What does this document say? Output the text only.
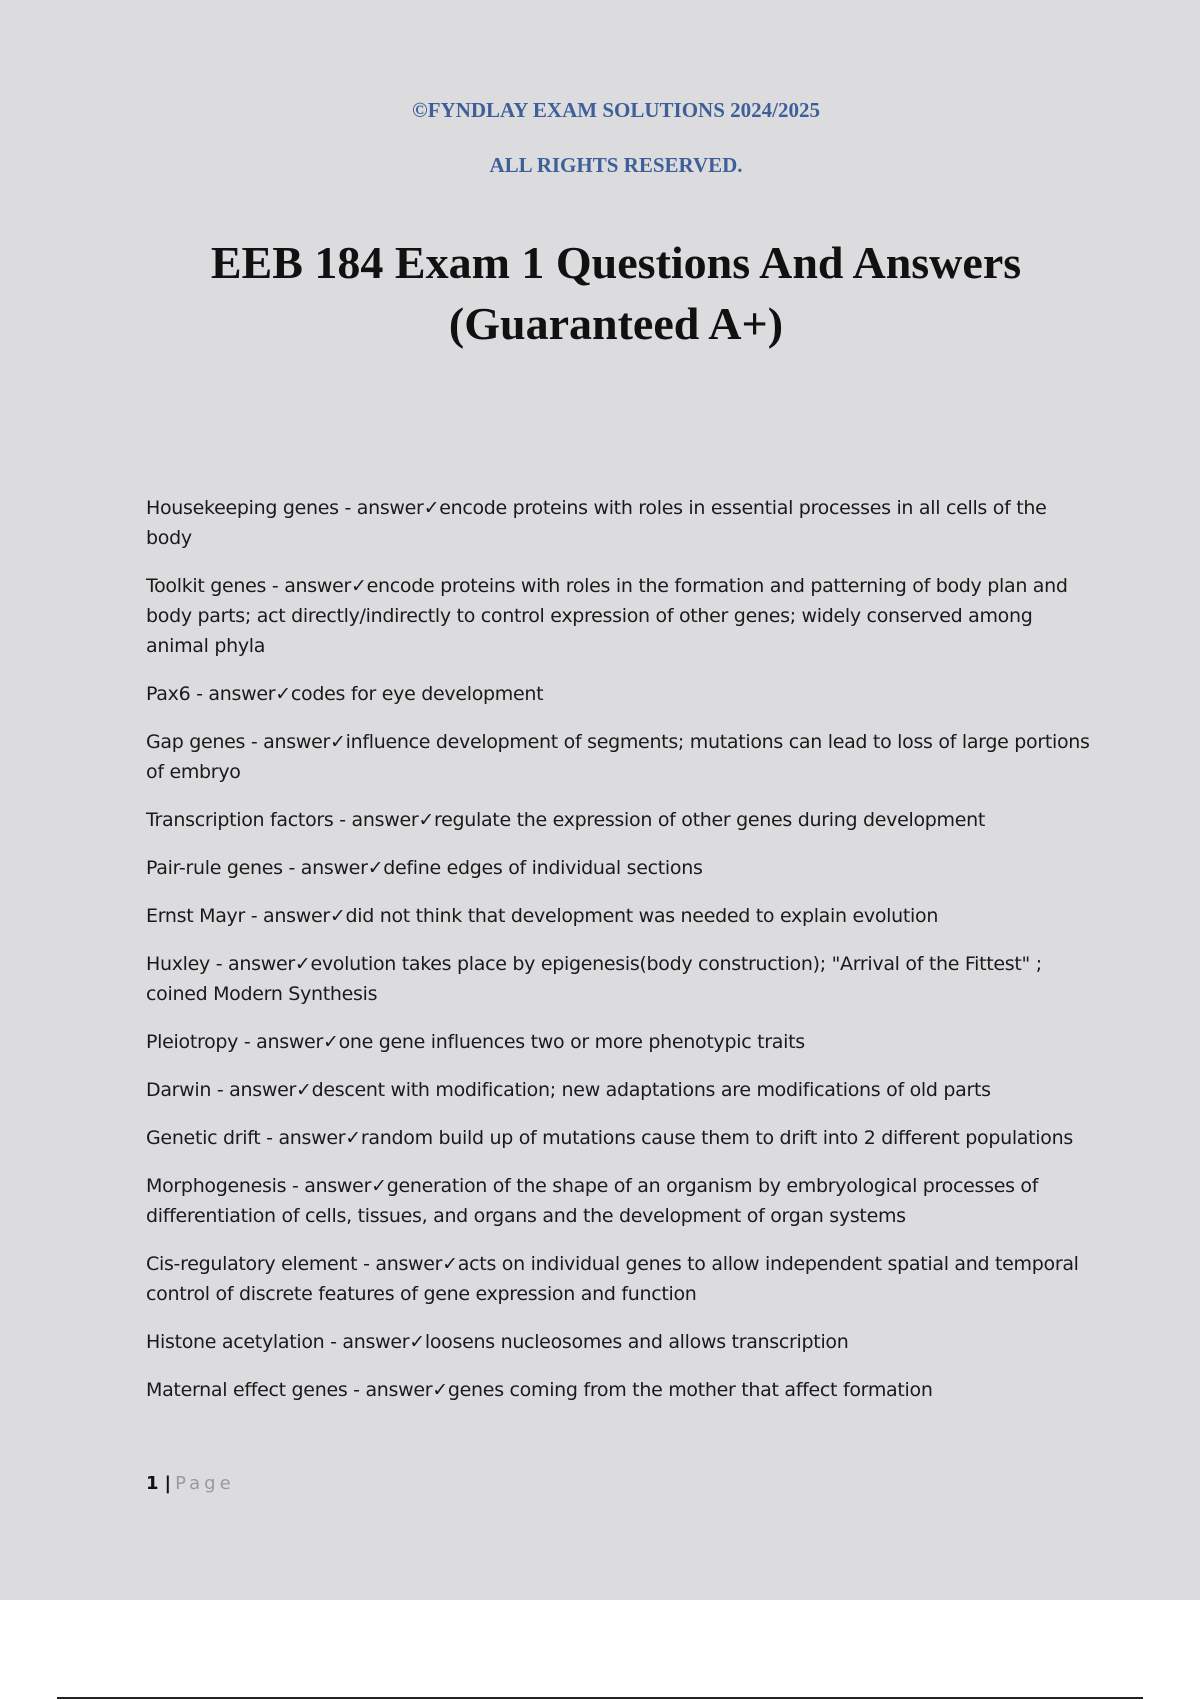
©FYNDLAY EXAM SOLUTIONS 2024/2025
ALL RIGHTS RESERVED.
EEB 184 Exam 1 Questions And Answers
(Guaranteed A+)
Housekeeping genes - answer✓encode proteins with roles in essential processes in all cells of the body
Toolkit genes - answer✓encode proteins with roles in the formation and patterning of body plan and body parts; act directly/indirectly to control expression of other genes; widely conserved among animal phyla
Pax6 - answer✓codes for eye development
Gap genes - answer✓influence development of segments; mutations can lead to loss of large portions of embryo
Transcription factors - answer✓regulate the expression of other genes during development
Pair-rule genes - answer✓define edges of individual sections
Ernst Mayr - answer✓did not think that development was needed to explain evolution
Huxley - answer✓evolution takes place by epigenesis(body construction); "Arrival of the Fittest" ; coined Modern Synthesis
Pleiotropy - answer✓one gene influences two or more phenotypic traits
Darwin - answer✓descent with modification; new adaptations are modifications of old parts
Genetic drift - answer✓random build up of mutations cause them to drift into 2 different populations
Morphogenesis - answer✓generation of the shape of an organism by embryological processes of differentiation of cells, tissues, and organs and the development of organ systems
Cis-regulatory element - answer✓acts on individual genes to allow independent spatial and temporal control of discrete features of gene expression and function
Histone acetylation - answer✓loosens nucleosomes and allows transcription
Maternal effect genes - answer✓genes coming from the mother that affect formation
1 | Page
